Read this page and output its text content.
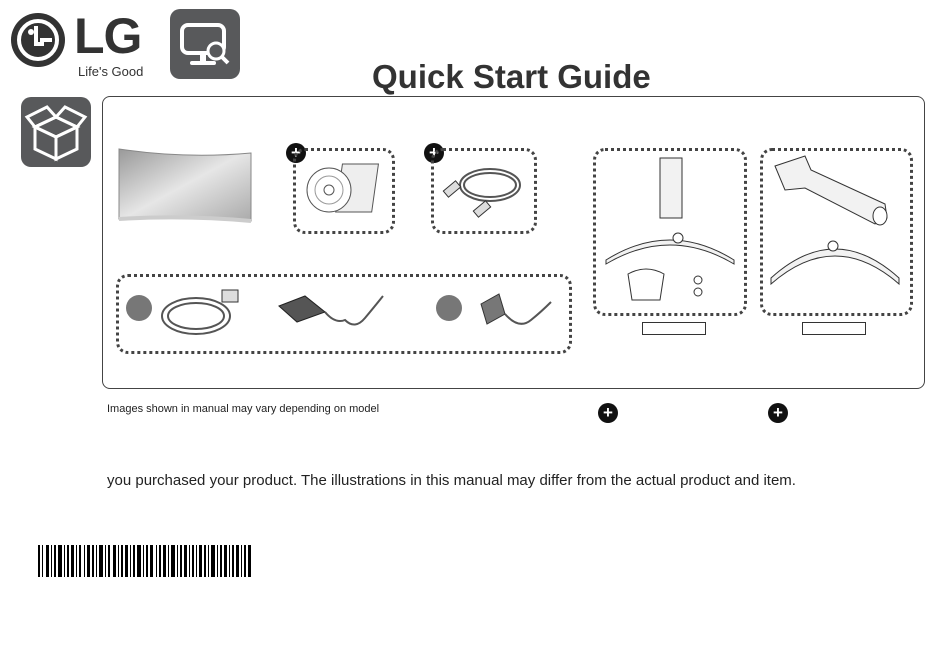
LG
Life's Good	Quick Start Guide
+	+
Images shown in manual may vary depending on model	+	+
you purchased your product. The illustrations in this manual may differ from the actual product and item.
